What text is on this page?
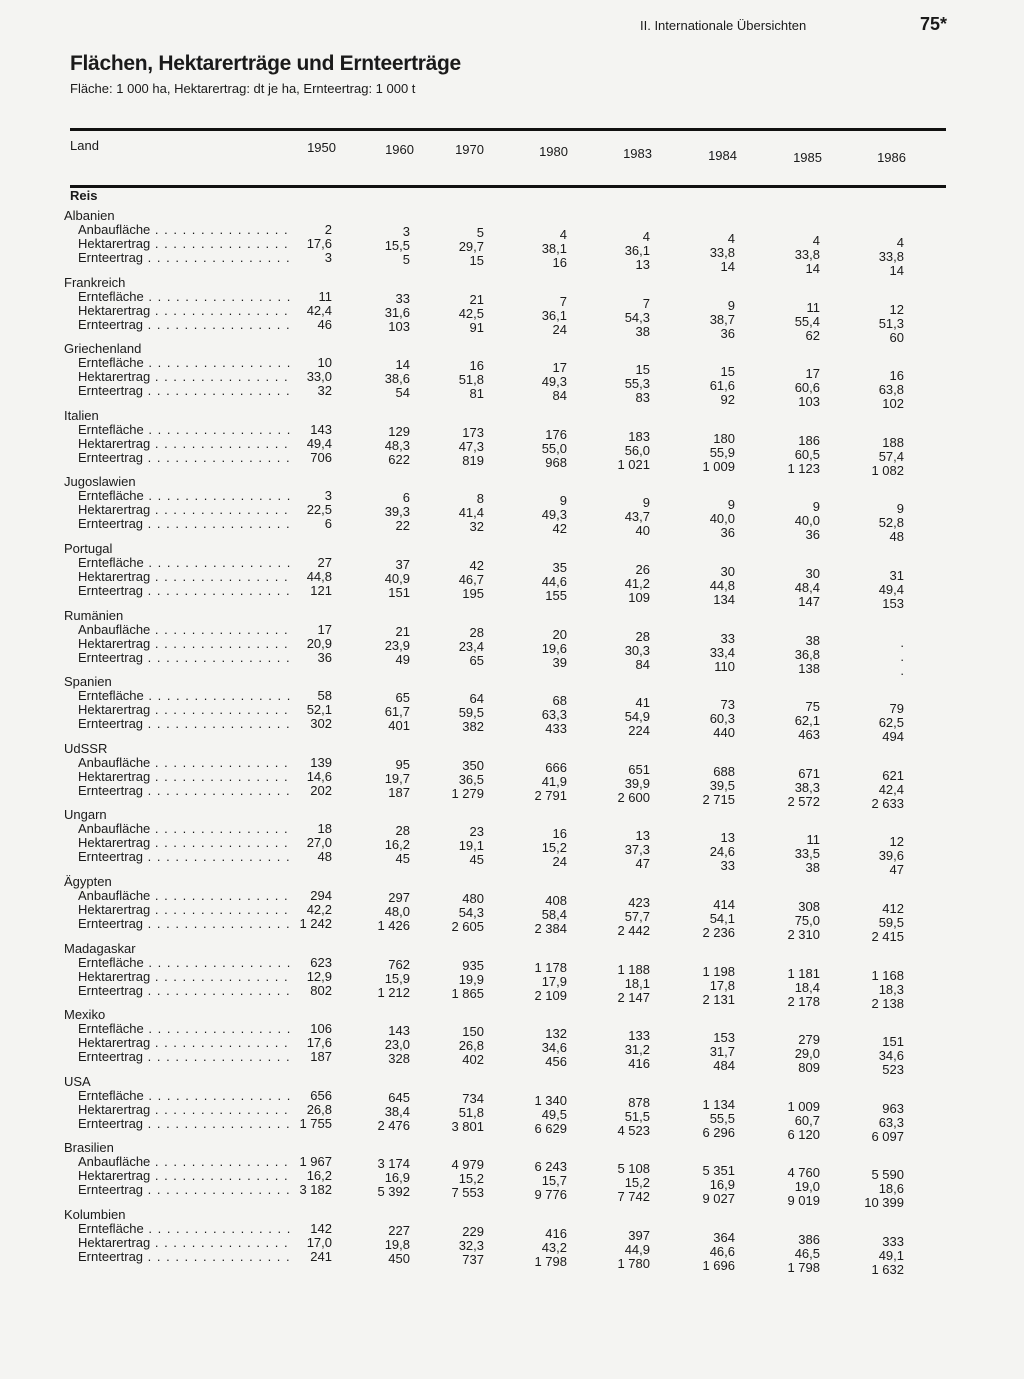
II. Internationale Übersichten	75*
Flächen, Hektarerträge und Ernteerträge
Fläche: 1 000 ha, Hektarertrag: dt je ha, Ernteertrag: 1 000 t
Land	1950	1960	1970	1980	1983	1984	1985	1986
Reis
Albanien
Anbaufläche . . .	2	3	5	4	4	4	4	4
Hektarertrag . . .	17,6	15,5	29,7	38,1	36,1	33,8	33,8	33,8
Ernteertrag . . .	3	5	15	16	13	14	14	14
Frankreich
Erntefläche . . .	11	33	21	7	7	9	11	12
Hektarertrag . . .	42,4	31,6	42,5	36,1	54,3	38,7	55,4	51,3
Ernteertrag . . .	46	103	91	24	38	36	62	60
Griechenland
Erntefläche . . .	10	14	16	17	15	15	17	16
Hektarertrag . . .	33,0	38,6	51,8	49,3	55,3	61,6	60,6	63,8
Ernteertrag . . .	32	54	81	84	83	92	103	102
Italien
Erntefläche . . .	143	129	173	176	183	180	186	188
Hektarertrag . . .	49,4	48,3	47,3	55,0	56,0	55,9	60,5	57,4
Ernteertrag . . .	706	622	819	968	1 021	1 009	1 123	1 082
Jugoslawien
Erntefläche . . .	3	6	8	9	9	9	9	9
Hektarertrag . . .	22,5	39,3	41,4	49,3	43,7	40,0	40,0	52,8
Ernteertrag . . .	6	22	32	42	40	36	36	48
Portugal
Erntefläche . . .	27	37	42	35	26	30	30	31
Hektarertrag . . .	44,8	40,9	46,7	44,6	41,2	44,8	48,4	49,4
Ernteertrag . . .	121	151	195	155	109	134	147	153
Rumänien
Anbaufläche . . .	17	21	28	20	28	33	38	.
Hektarertrag . . .	20,9	23,9	23,4	19,6	30,3	33,4	36,8	.
Ernteertrag . . .	36	49	65	39	84	110	138	.
Spanien
Erntefläche . . .	58	65	64	68	41	73	75	79
Hektarertrag . . .	52,1	61,7	59,5	63,3	54,9	60,3	62,1	62,5
Ernteertrag . . .	302	401	382	433	224	440	463	494
UdSSR
Anbaufläche . . .	139	95	350	666	651	688	671	621
Hektarertrag . . .	14,6	19,7	36,5	41,9	39,9	39,5	38,3	42,4
Ernteertrag . . .	202	187	1 279	2 791	2 600	2 715	2 572	2 633
Ungarn
Anbaufläche . . .	18	28	23	16	13	13	11	12
Hektarertrag . . .	27,0	16,2	19,1	15,2	37,3	24,6	33,5	39,6
Ernteertrag . . .	48	45	45	24	47	33	38	47
Ägypten
Anbaufläche . . .	294	297	480	408	423	414	308	412
Hektarertrag . . .	42,2	48,0	54,3	58,4	57,7	54,1	75,0	59,5
Ernteertrag . . .	1 242	1 426	2 605	2 384	2 442	2 236	2 310	2 415
Madagaskar
Erntefläche . . .	623	762	935	1 178	1 188	1 198	1 181	1 168
Hektarertrag . . .	12,9	15,9	19,9	17,9	18,1	17,8	18,4	18,3
Ernteertrag . . .	802	1 212	1 865	2 109	2 147	2 131	2 178	2 138
Mexiko
Erntefläche . . .	106	143	150	132	133	153	279	151
Hektarertrag . . .	17,6	23,0	26,8	34,6	31,2	31,7	29,0	34,6
Ernteertrag . . .	187	328	402	456	416	484	809	523
USA
Erntefläche . . .	656	645	734	1 340	878	1 134	1 009	963
Hektarertrag . . .	26,8	38,4	51,8	49,5	51,5	55,5	60,7	63,3
Ernteertrag . . .	1 755	2 476	3 801	6 629	4 523	6 296	6 120	6 097
Brasilien
Anbaufläche . . .	1 967	3 174	4 979	6 243	5 108	5 351	4 760	5 590
Hektarertrag . . .	16,2	16,9	15,2	15,7	15,2	16,9	19,0	18,6
Ernteertrag . . .	3 182	5 392	7 553	9 776	7 742	9 027	9 019	10 399
Kolumbien
Erntefläche . . .	142	227	229	416	397	364	386	333
Hektarertrag . . .	17,0	19,8	32,3	43,2	44,9	46,6	46,5	49,1
Ernteertrag . . .	241	450	737	1 798	1 780	1 696	1 798	1 632
